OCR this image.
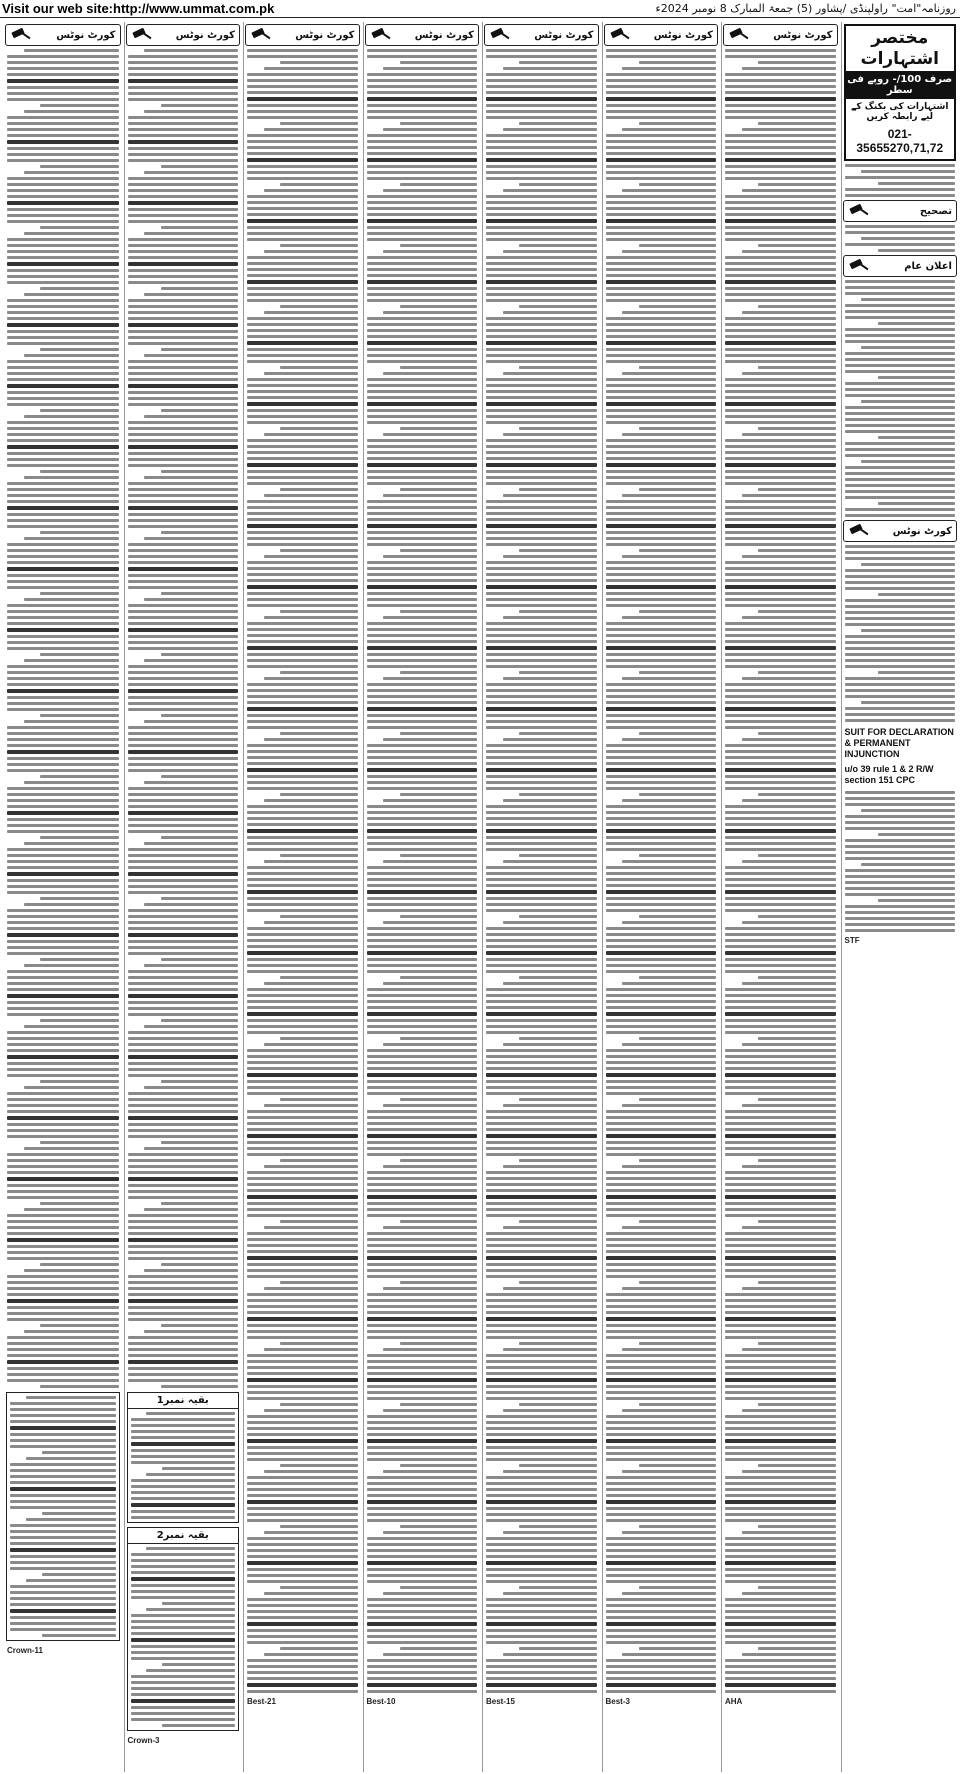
Visit our web site:http://www.ummat.com.pk	روزنامہ"امت" راولپنڈی /پشاور (5) جمعۃ المبارک 8 نومبر 2024ء
مختصر اشتہارات
صرف 100/- روپے فی سطر
اشتہارات کی بکنگ کے لیے رابطہ کریں
021-35655270,71,72
تصحیح
اعلان عام
کورٹ نوٹس
SUIT FOR DECLARATION & PERMANENT INJUNCTION
u/o 39 rule 1 & 2 R/W section 151 CPC
STF
کورٹ نوٹس
AHA
کورٹ نوٹس
Best-3
کورٹ نوٹس
Best-15
کورٹ نوٹس
Best-10
کورٹ نوٹس
Best-21
کورٹ نوٹس
بقیہ نمبر1
بقیہ نمبر2
Crown-3
کورٹ نوٹس
Crown-11
